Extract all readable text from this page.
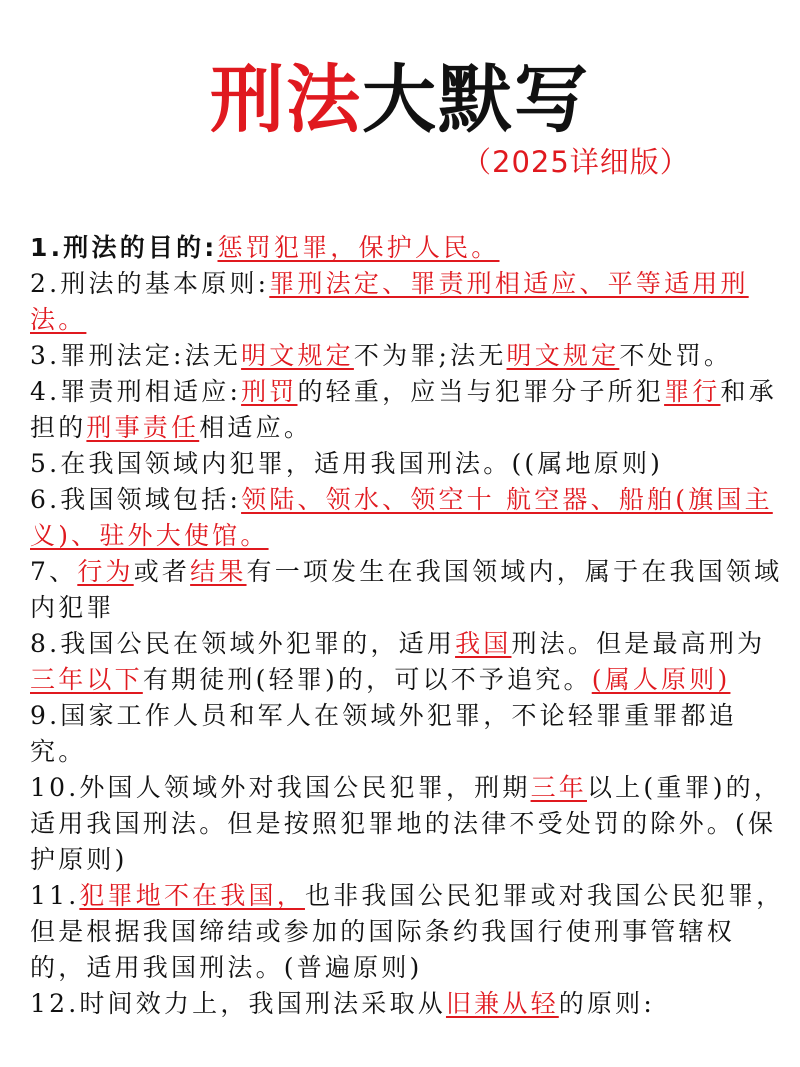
刑法大默写
（2025详细版）
1.刑法的目的:惩罚犯罪，保护人民。
2.刑法的基本原则:罪刑法定、罪责刑相适应、平等适用刑
法。
3.罪刑法定:法无明文规定不为罪;法无明文规定不处罚。
4.罪责刑相适应:刑罚的轻重，应当与犯罪分子所犯罪行和承
担的刑事责任相适应。
5.在我国领域内犯罪，适用我国刑法。((属地原则)
6.我国领域包括:领陆、领水、领空十 航空器、船舶(旗国主
义)、驻外大使馆。
7、行为或者结果有一项发生在我国领域内，属于在我国领域
内犯罪
8.我国公民在领域外犯罪的，适用我国刑法。但是最高刑为
三年以下有期徒刑(轻罪)的，可以不予追究。(属人原则)
9.国家工作人员和军人在领域外犯罪，不论轻罪重罪都追
究。
10.外国人领域外对我国公民犯罪，刑期三年以上(重罪)的，
适用我国刑法。但是按照犯罪地的法律不受处罚的除外。(保
护原则)
11.犯罪地不在我国，也非我国公民犯罪或对我国公民犯罪，
但是根据我国缔结或参加的国际条约我国行使刑事管辖权
的，适用我国刑法。(普遍原则)
12.时间效力上，我国刑法采取从旧兼从轻的原则:
